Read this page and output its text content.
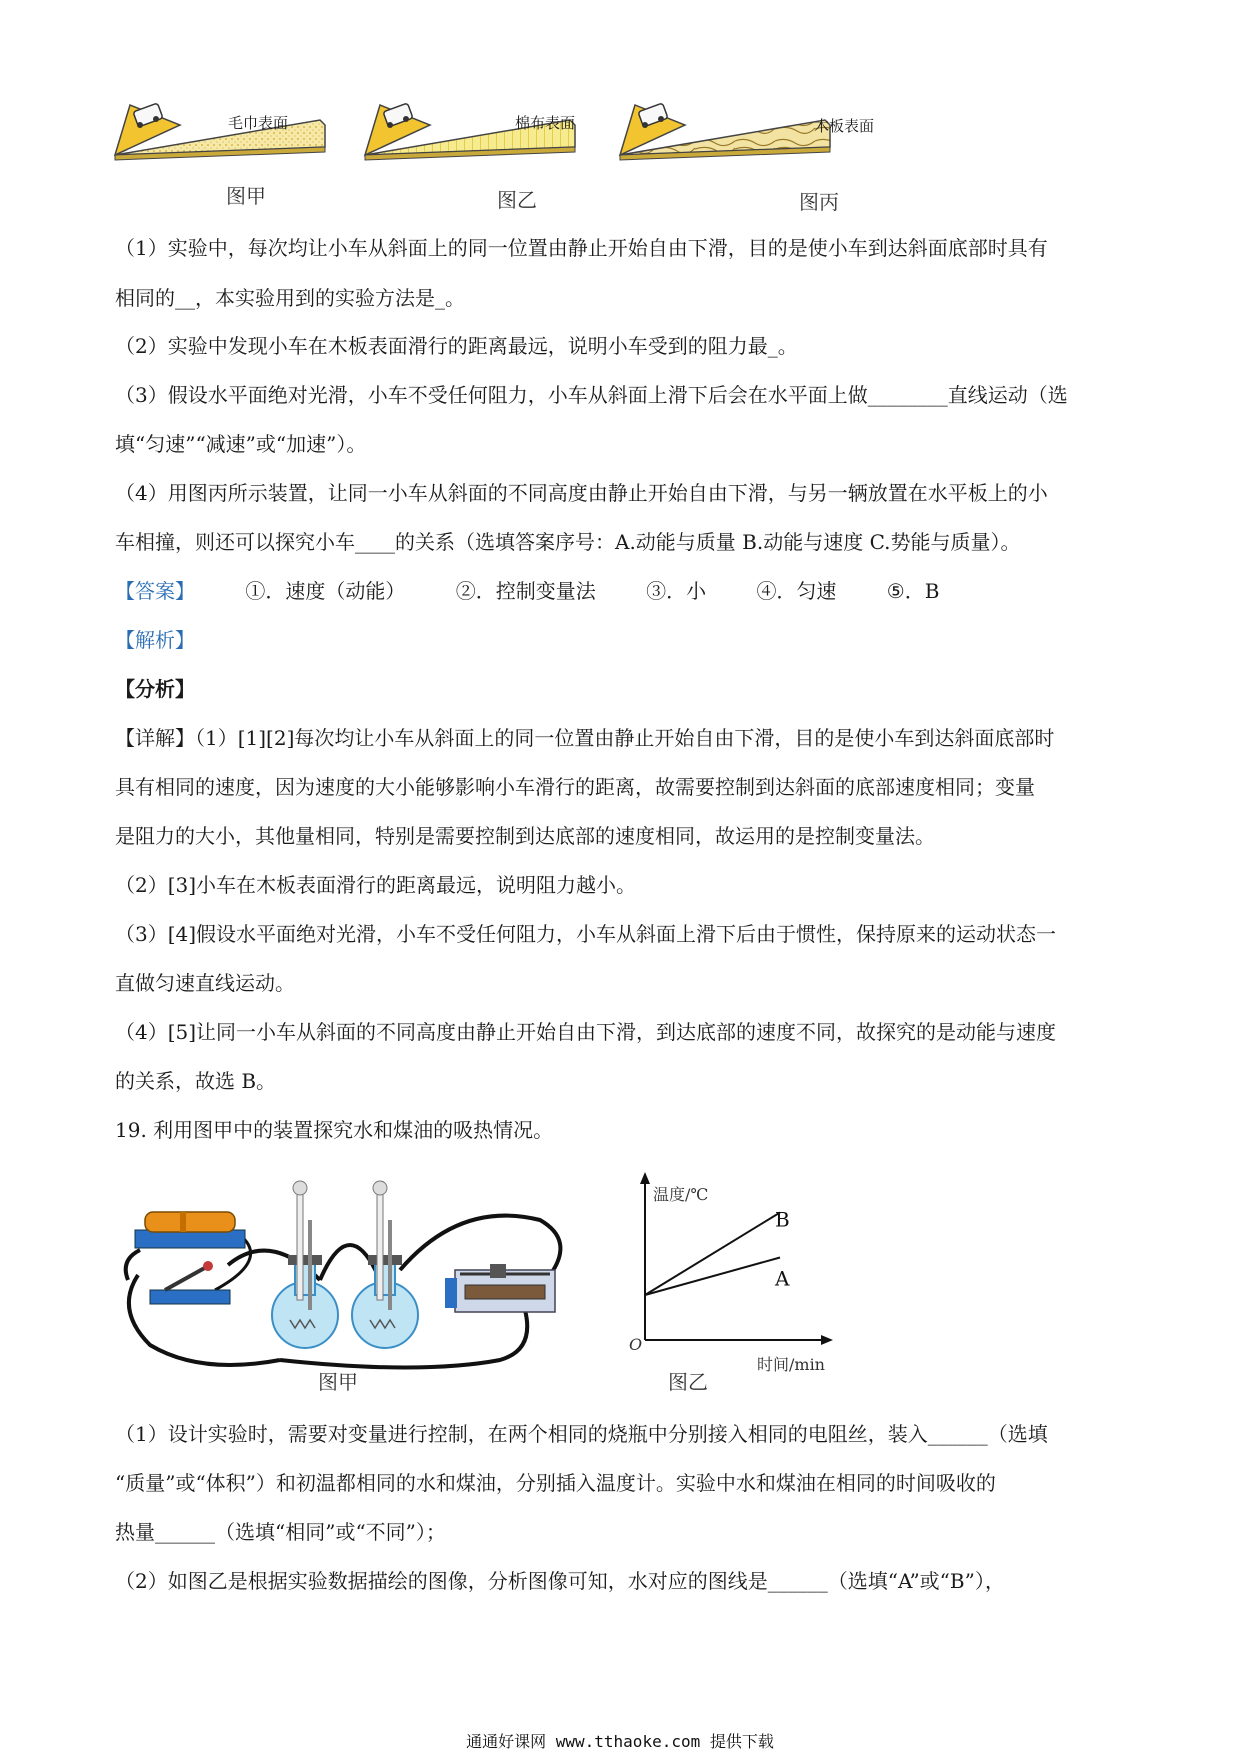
毛巾表面	棉布表面	木板表面
图甲	图乙	图丙
（1）实验中，每次均让小车从斜面上的同一位置由静止开始自由下滑，目的是使小车到达斜面底部时具有
相同的__，本实验用到的实验方法是_。
（2）实验中发现小车在木板表面滑行的距离最远，说明小车受到的阻力最_。
（3）假设水平面绝对光滑，小车不受任何阻力，小车从斜面上滑下后会在水平面上做________直线运动（选
填“匀速”“减速”或“加速”）。
（4）用图丙所示装置，让同一小车从斜面的不同高度由静止开始自由下滑，与另一辆放置在水平板上的小
车相撞，则还可以探究小车____的关系（选填答案序号：A.动能与质量 B.动能与速度 C.势能与质量）。
【答案】	①．速度（动能）	②．控制变量法	③．小	④．匀速	⑤．B
【解析】
【分析】
【详解】（1）[1][2]每次均让小车从斜面上的同一位置由静止开始自由下滑，目的是使小车到达斜面底部时
具有相同的速度，因为速度的大小能够影响小车滑行的距离，故需要控制到达斜面的底部速度相同；变量
是阻力的大小，其他量相同，特别是需要控制到达底部的速度相同，故运用的是控制变量法。
（2）[3]小车在木板表面滑行的距离最远，说明阻力越小。
（3）[4]假设水平面绝对光滑，小车不受任何阻力，小车从斜面上滑下后由于惯性，保持原来的运动状态一
直做匀速直线运动。
（4）[5]让同一小车从斜面的不同高度由静止开始自由下滑，到达底部的速度不同，故探究的是动能与速度
的关系，故选 B。
19. 利用图甲中的装置探究水和煤油的吸热情况。
图甲
温度/℃
时间/min
O
A
B
图乙
（1）设计实验时，需要对变量进行控制，在两个相同的烧瓶中分别接入相同的电阻丝，装入______（选填
“质量”或“体积”）和初温都相同的水和煤油，分别插入温度计。实验中水和煤油在相同的时间吸收的
热量______（选填“相同”或“不同”）；
（2）如图乙是根据实验数据描绘的图像，分析图像可知，水对应的图线是______（选填“A”或“B”），
通通好课网 www.tthaoke.com 提供下载
